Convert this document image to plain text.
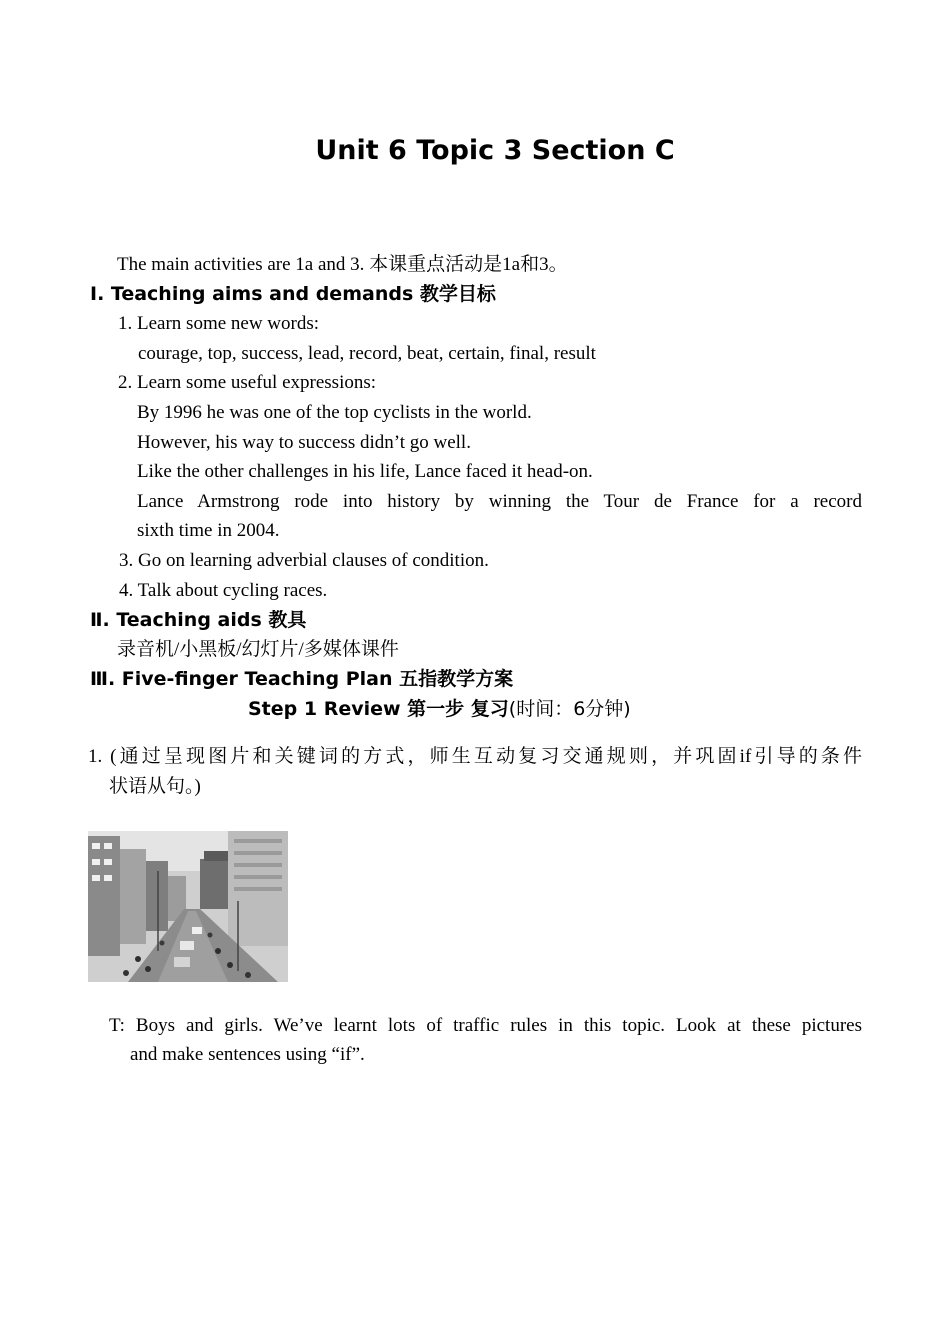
Unit 6 Topic 3 Section C
The main activities are 1a and 3. 本课重点活动是1a和3。
Ⅰ. Teaching aims and demands 教学目标
1. Learn some new words:
courage, top, success, lead, record, beat, certain, final, result
2. Learn some useful expressions:
By 1996 he was one of the top cyclists in the world.
However, his way to success didn’t go well.
Like the other challenges in his life, Lance faced it head-on.
Lance Armstrong rode into history by winning the Tour de France for a record
sixth time in 2004.
3. Go on learning adverbial clauses of condition.
4. Talk about cycling races.
Ⅱ. Teaching aids 教具
录音机/小黑板/幻灯片/多媒体课件
Ⅲ. Five-finger Teaching Plan 五指教学方案
Step 1 Review 第一步 复习(时间：6分钟)
1. (通过呈现图片和关键词的方式，师生互动复习交通规则，并巩固if引导的条件
状语从句。)
T: Boys and girls. We’ve learnt lots of traffic rules in this topic. Look at these pictures
and make sentences using “if”.
